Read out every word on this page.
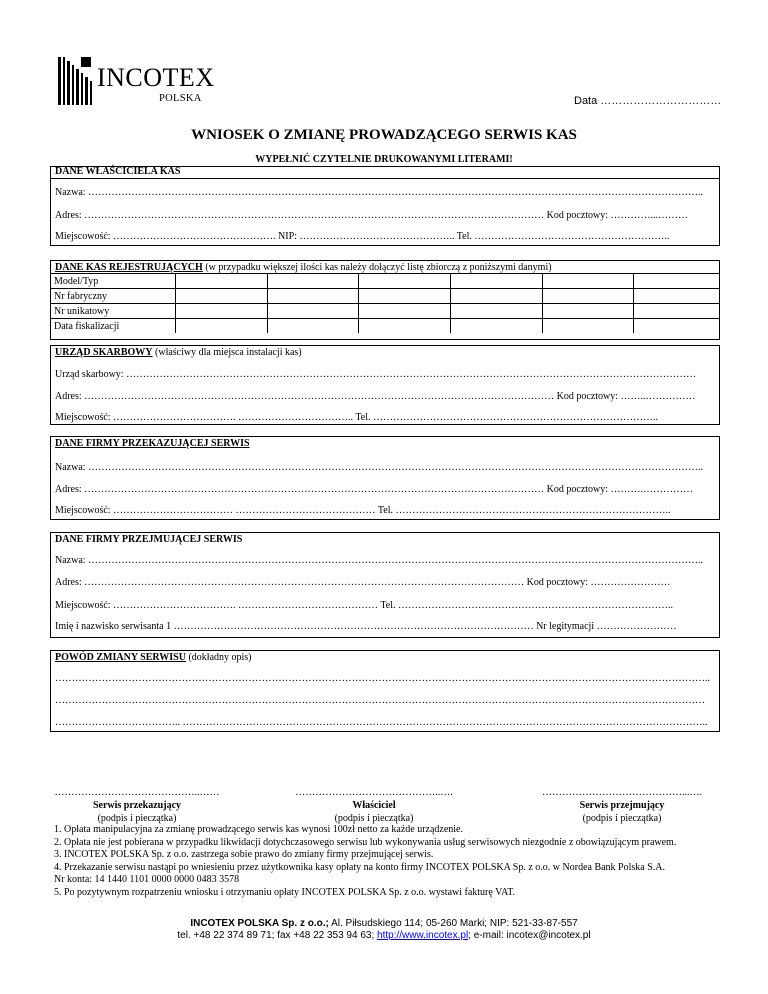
INCOTEX
POLSKA	Data ……………………………
WNIOSEK O ZMIANĘ PROWADZĄCEGO SERWIS KAS
WYPEŁNIĆ CZYTELNIE DRUKOWANYMI LITERAMI!
DANE WŁAŚCICIELA KAS
Nazwa: …………………………………………………………………………………………………………………………………………………………………..
Adres: ………………………………………………………………………………………………………………………… Kod pocztowy: …………...………
Miejscowość: …………………………………………. NIP: ……………………………………….. Tel. …………………………………………………..
DANE KAS REJESTRUJĄCYCH (w przypadku większej ilości kas należy dołączyć listę zbiorczą z poniższymi danymi)
Model/Typ						
Nr fabryczny						
Nr unikatowy						
Data fiskalizacji						
URZĄD SKARBOWY (właściwy dla miejsca instalacji kas)
Urząd skarbowy: ………………………………………………………………………………………………………………………………………………………
Adres: …………………………………………………………………………………………………………………………… Kod pocztowy: ……..……………
Miejscowość: ………………………………. …………………………….. Tel. …………………………………………………………………………..
DANE FIRMY PRZEKAZUJĄCEJ SERWIS
Nazwa: …………………………………………………………………………………………………………………………………………………………………..
Adres: ………………………………………………………………………………………………………………………… Kod pocztowy: ……….……………
Miejscowość: ……………………………… …………………………………… Tel. ………………………………………………………………………..
DANE FIRMY PRZEJMUJĄCEJ SERWIS
Nazwa: …………………………………………………………………………………………………………………………………………………………………..
Adres: …………………………………………………………………………………………………………………… Kod pocztowy: ……………………
Miejscowość: ………………………………. …………………………………… Tel. ………………………………………………………………………..
Imię i nazwisko serwisanta 1 ……………………………………………………………………………………………… Nr legitymacji ……………………
POWÓD ZMIANY SERWISU (dokładny opis)
……………………………………………………………………………………………………………………………………………………………………………..
……………………………………………………………………………………………………………………………………………………………………………
……………………………….. …………………………………………………………………………………………………………………………………………..
……………………………………..……
Serwis przekazujący
(podpis i pieczątka)
……………………………………..….
Właściciel
(podpis i pieczątka)
……………………………………...….
Serwis przejmujący
(podpis i pieczątka)
1. Opłata manipulacyjna za zmianę prowadzącego serwis kas wynosi 100zł netto za każde urządzenie.
2. Opłata nie jest pobierana w przypadku likwidacji dotychczasowego serwisu lub wykonywania usług serwisowych niezgodnie z obowiązującym prawem.
3. INCOTEX POLSKA Sp. z o.o. zastrzega sobie prawo do zmiany firmy przejmującej serwis.
4. Przekazanie serwisu nastąpi po wniesieniu przez użytkownika kasy opłaty na konto firmy INCOTEX POLSKA Sp. z o.o. w Nordea Bank Polska S.A.
Nr konta: 14 1440 1101 0000 0000 0483 3578
5. Po pozytywnym rozpatrzeniu wniosku i otrzymaniu opłaty INCOTEX POLSKA Sp. z o.o. wystawi fakturę VAT.
INCOTEX POLSKA Sp. z o.o.; Al. Piłsudskiego 114; 05-260 Marki; NIP: 521-33-87-557
tel. +48 22 374 89 71; fax +48 22 353 94 63; http://www.incotex.pl; e-mail: incotex@incotex.pl
